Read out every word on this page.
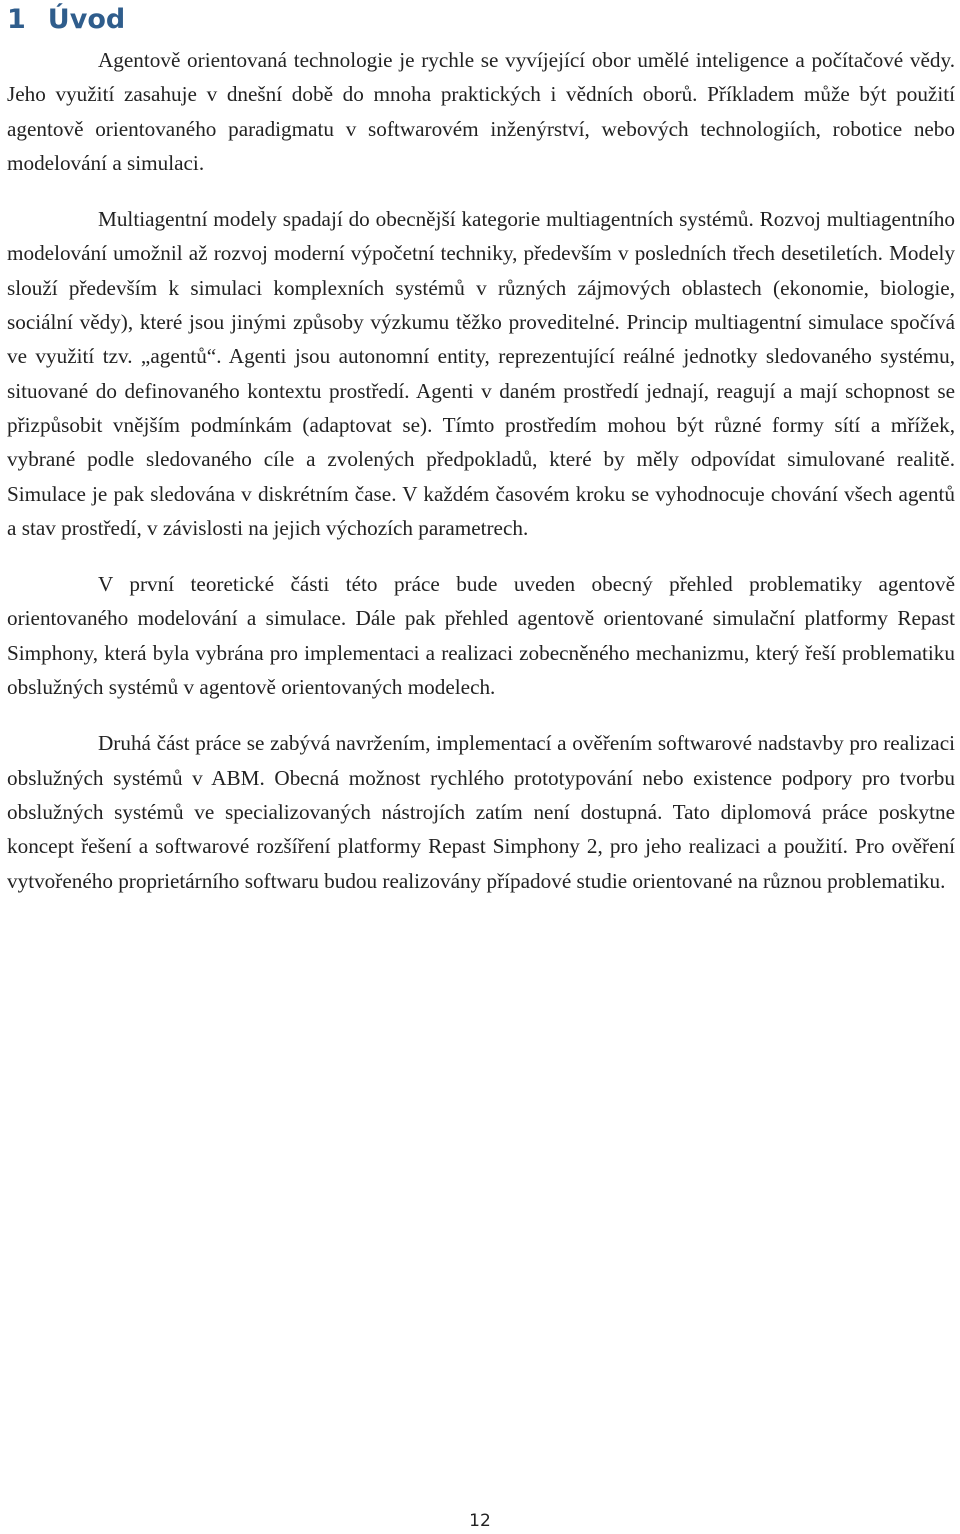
1 Úvod

Agentově orientovaná technologie je rychle se vyvíjející obor umělé inteligence a počítačové vědy. Jeho využití zasahuje v dnešní době do mnoha praktických i vědních oborů. Příkladem může být použití agentově orientovaného paradigmatu v softwarovém inženýrství, webových technologiích, robotice nebo modelování a simulaci.

Multiagentní modely spadají do obecnější kategorie multiagentních systémů. Rozvoj multiagentního modelování umožnil až rozvoj moderní výpočetní techniky, především v posledních třech desetiletích. Modely slouží především k simulaci komplexních systémů v různých zájmových oblastech (ekonomie, biologie, sociální vědy), které jsou jinými způsoby výzkumu těžko proveditelné. Princip multiagentní simulace spočívá ve využití tzv. „agentů“. Agenti jsou autonomní entity, reprezentující reálné jednotky sledovaného systému, situované do definovaného kontextu prostředí. Agenti v daném prostředí jednají, reagují a mají schopnost se přizpůsobit vnějším podmínkám (adaptovat se). Tímto prostředím mohou být různé formy sítí a mřížek, vybrané podle sledovaného cíle a zvolených předpokladů, které by měly odpovídat simulované realitě. Simulace je pak sledována v diskrétním čase. V každém časovém kroku se vyhodnocuje chování všech agentů a stav prostředí, v závislosti na jejich výchozích parametrech.

V první teoretické části této práce bude uveden obecný přehled problematiky agentově orientovaného modelování a simulace. Dále pak přehled agentově orientované simulační platformy Repast Simphony, která byla vybrána pro implementaci a realizaci zobecněného mechanizmu, který řeší problematiku obslužných systémů v agentově orientovaných modelech.

Druhá část práce se zabývá navržením, implementací a ověřením softwarové nadstavby pro realizaci obslužných systémů v ABM. Obecná možnost rychlého prototypování nebo existence podpory pro tvorbu obslužných systémů ve specializovaných nástrojích zatím není dostupná. Tato diplomová práce poskytne koncept řešení a softwarové rozšíření platformy Repast Simphony 2, pro jeho realizaci a použití. Pro ověření vytvořeného proprietárního softwaru budou realizovány případové studie orientované na různou problematiku.

12
